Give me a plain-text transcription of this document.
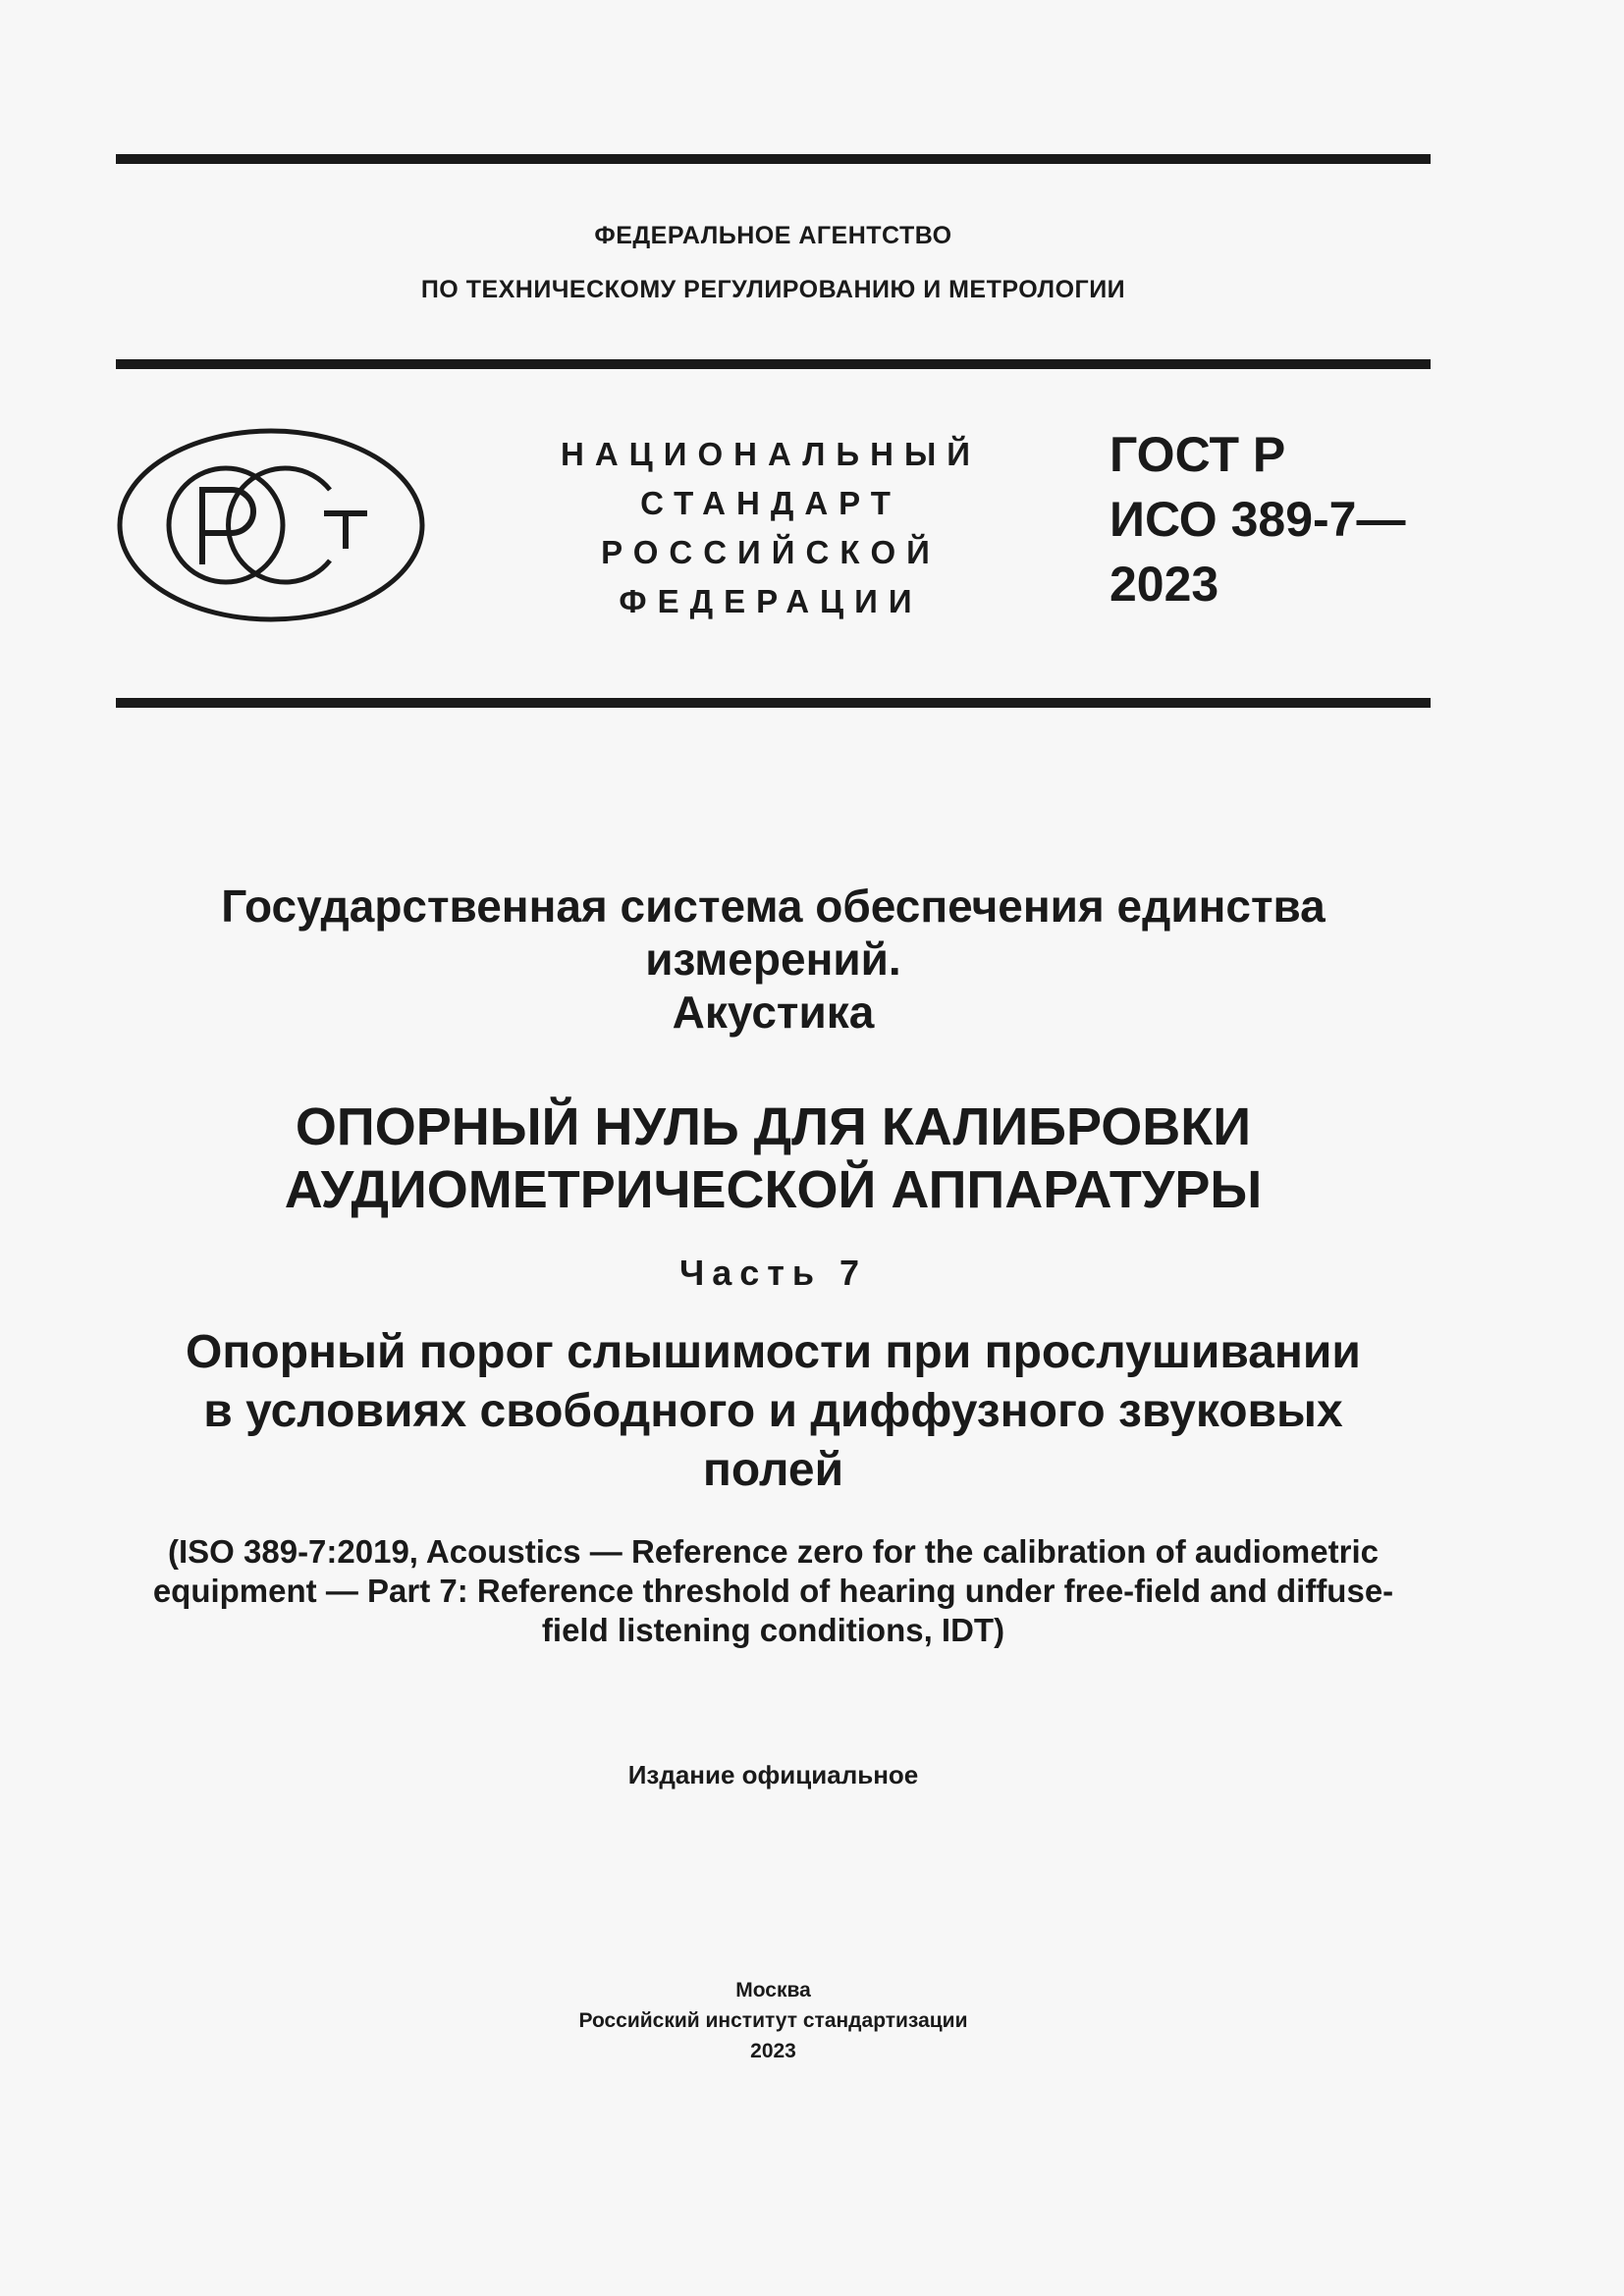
ФЕДЕРАЛЬНОЕ АГЕНТСТВО
ПО ТЕХНИЧЕСКОМУ РЕГУЛИРОВАНИЮ И МЕТРОЛОГИИ
НАЦИОНАЛЬНЫЙ
СТАНДАРТ
РОССИЙСКОЙ
ФЕДЕРАЦИИ
ГОСТ Р
ИСО 389-7—
2023
Государственная система обеспечения единства
измерений.
Акустика
ОПОРНЫЙ НУЛЬ ДЛЯ КАЛИБРОВКИ
АУДИОМЕТРИЧЕСКОЙ АППАРАТУРЫ
Часть 7
Опорный порог слышимости при прослушивании
в условиях свободного и диффузного звуковых
полей
(ISO 389-7:2019, Acoustics — Reference zero for the calibration of audiometric
equipment — Part 7: Reference threshold of hearing under free-field and diffuse-
field listening conditions, IDT)
Издание официальное
Москва
Российский институт стандартизации
2023
